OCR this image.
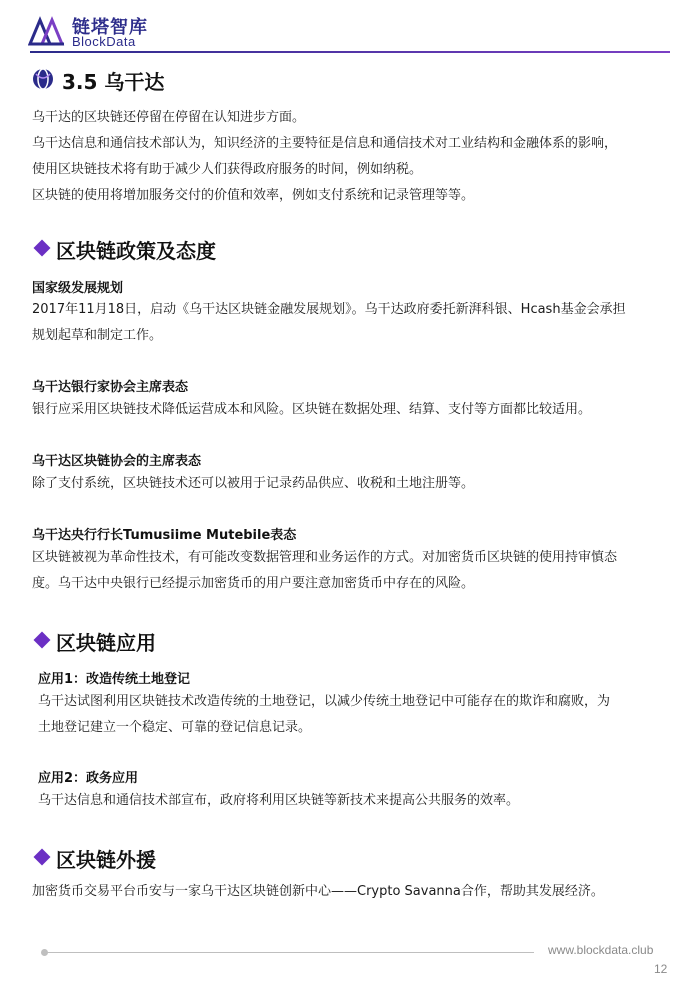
链塔智库
BlockData
3.5 乌干达
乌干达的区块链还停留在停留在认知进步方面。
乌干达信息和通信技术部认为，知识经济的主要特征是信息和通信技术对工业结构和金融体系的影响，
使用区块链技术将有助于减少人们获得政府服务的时间，例如纳税。
区块链的使用将增加服务交付的价值和效率，例如支付系统和记录管理等等。
区块链政策及态度
国家级发展规划
2017年11月18日，启动《乌干达区块链金融发展规划》。乌干达政府委托新湃科银、Hcash基金会承担
规划起草和制定工作。
乌干达银行家协会主席表态
银行应采用区块链技术降低运营成本和风险。区块链在数据处理、结算、支付等方面都比较适用。
乌干达区块链协会的主席表态
除了支付系统，区块链技术还可以被用于记录药品供应、收税和土地注册等。
乌干达央行行长Tumusiime Mutebile表态
区块链被视为革命性技术，有可能改变数据管理和业务运作的方式。对加密货币区块链的使用持审慎态
度。乌干达中央银行已经提示加密货币的用户要注意加密货币中存在的风险。
区块链应用
应用1：改造传统土地登记
乌干达试图利用区块链技术改造传统的土地登记，以减少传统土地登记中可能存在的欺诈和腐败，为
土地登记建立一个稳定、可靠的登记信息记录。
应用2：政务应用
乌干达信息和通信技术部宣布，政府将利用区块链等新技术来提高公共服务的效率。
区块链外援
加密货币交易平台币安与一家乌干达区块链创新中心——Crypto Savanna合作，帮助其发展经济。
www.blockdata.club
12
